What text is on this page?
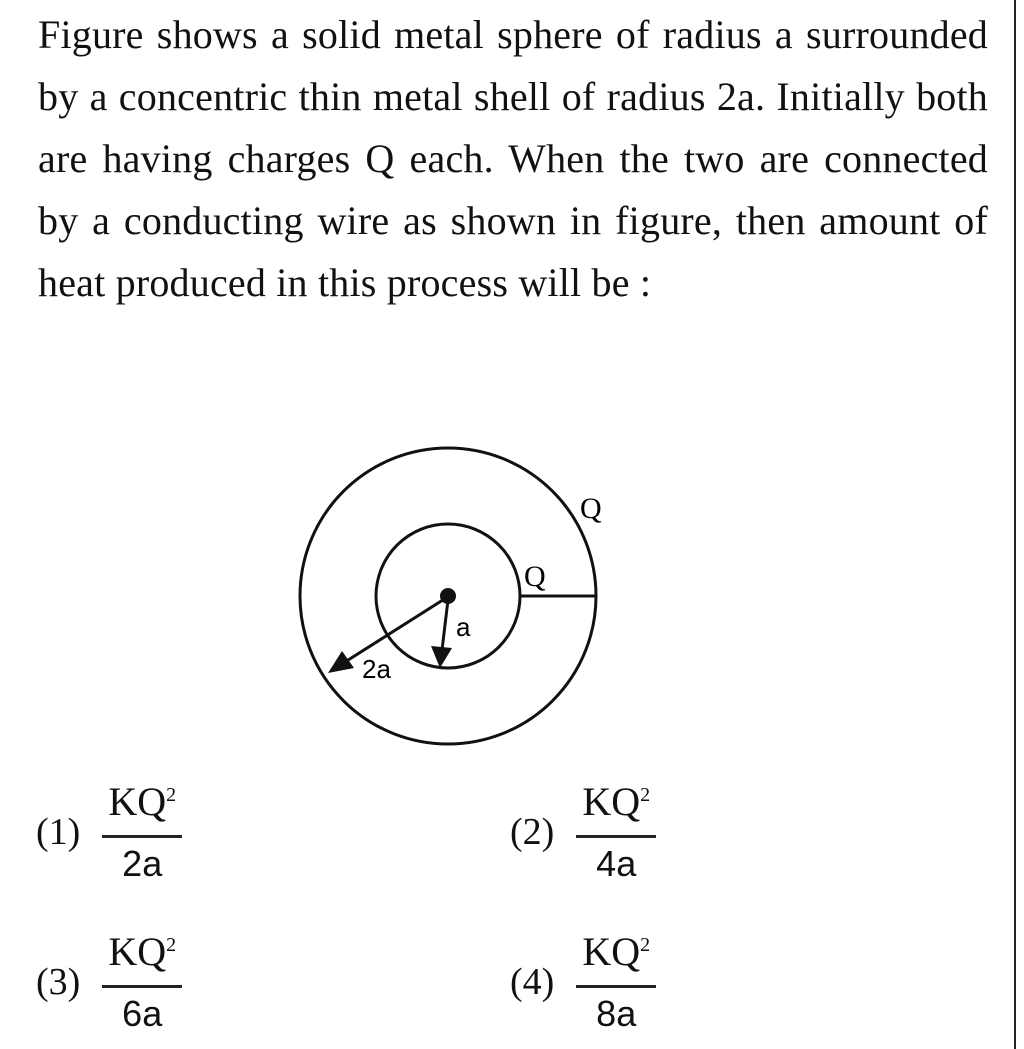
Figure shows a solid metal sphere of radius a surrounded by a concentric thin metal shell of radius 2a. Initially both are having charges Q each. When the two are connected by a conducting wire as shown in figure, then amount of heat produced in this process will be :
Q
Q
a
2a
$(1) \frac{KQ^2}{2a}$	$(2) \frac{KQ^2}{4a}$
$(3) \frac{KQ^2}{6a}$	$(4) \frac{KQ^2}{8a}$
